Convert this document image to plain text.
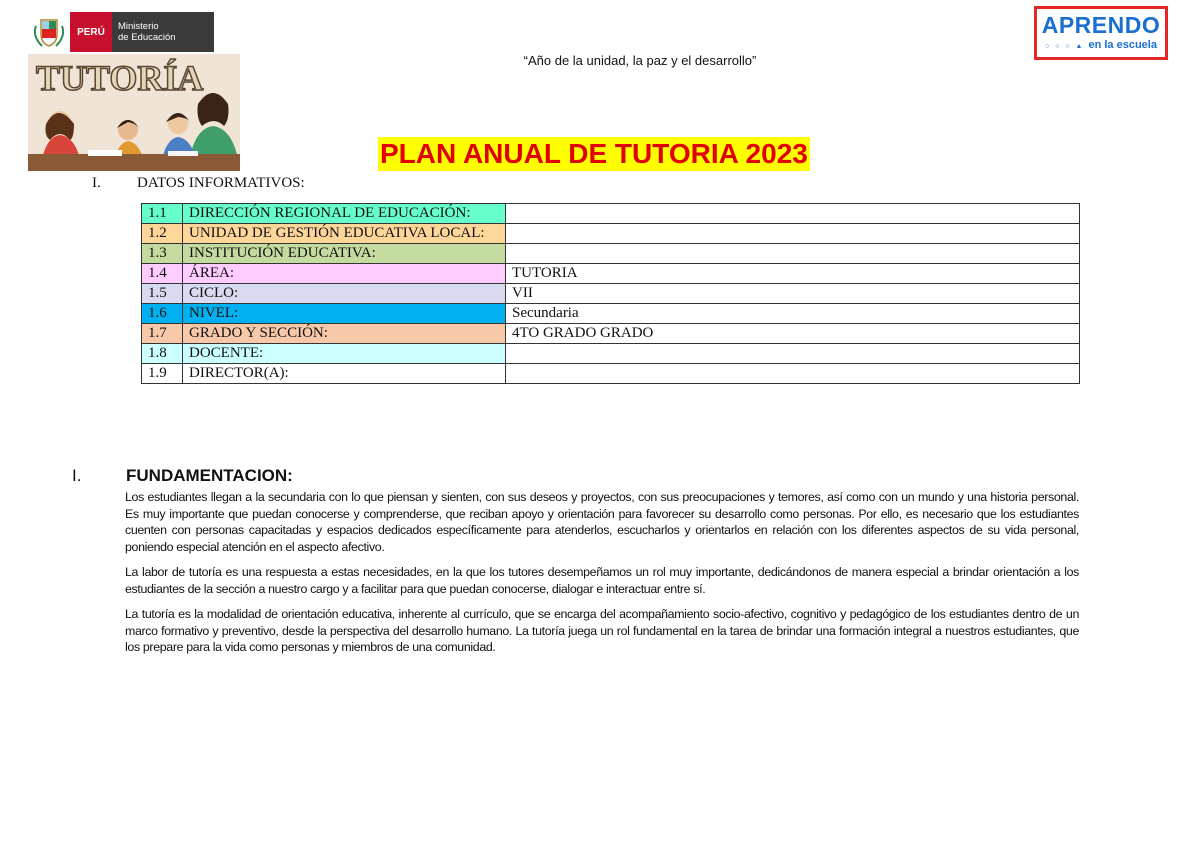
PERÚ	Ministerio
de Educación
TUTORÍA
APRENDO
○ ○ ○ ▲ en la escuela
“Año de la unidad, la paz y el desarrollo”
PLAN ANUAL DE TUTORIA 2023
I. DATOS INFORMATIVOS:
1.1	DIRECCIÓN REGIONAL DE EDUCACIÓN:	
1.2	UNIDAD DE GESTIÓN EDUCATIVA LOCAL:	
1.3	INSTITUCIÓN EDUCATIVA:	
1.4	ÁREA:	TUTORIA
1.5	CICLO:	VII
1.6	NIVEL:	Secundaria
1.7	GRADO Y SECCIÓN:	4TO GRADO GRADO
1.8	DOCENTE:	
1.9	DIRECTOR(A):	
I.	FUNDAMENTACION:

Los estudiantes llegan a la secundaria con lo que piensan y sienten, con sus deseos y proyectos, con sus preocupaciones y temores, así como con un mundo y una historia personal. Es muy importante que puedan conocerse y comprenderse, que reciban apoyo y orientación para favorecer su desarrollo como personas. Por ello, es necesario que los estudiantes cuenten con personas capacitadas y espacios dedicados específicamente para atenderlos, escucharlos y orientarlos en relación con los diferentes aspectos de su vida personal, poniendo especial atención en el aspecto afectivo.

La labor de tutoría es una respuesta a estas necesidades, en la que los tutores desempeñamos un rol muy importante, dedicándonos de manera especial a brindar orientación a los estudiantes de la sección a nuestro cargo y a facilitar para que puedan conocerse, dialogar e interactuar entre sí.

La tutoría es la modalidad de orientación educativa, inherente al currículo, que se encarga del acompañamiento socio-afectivo, cognitivo y pedagógico de los estudiantes dentro de un marco formativo y preventivo, desde la perspectiva del desarrollo humano. La tutoría juega un rol fundamental en la tarea de brindar una formación integral a nuestros estudiantes, que los prepare para la vida como personas y miembros de una comunidad.
